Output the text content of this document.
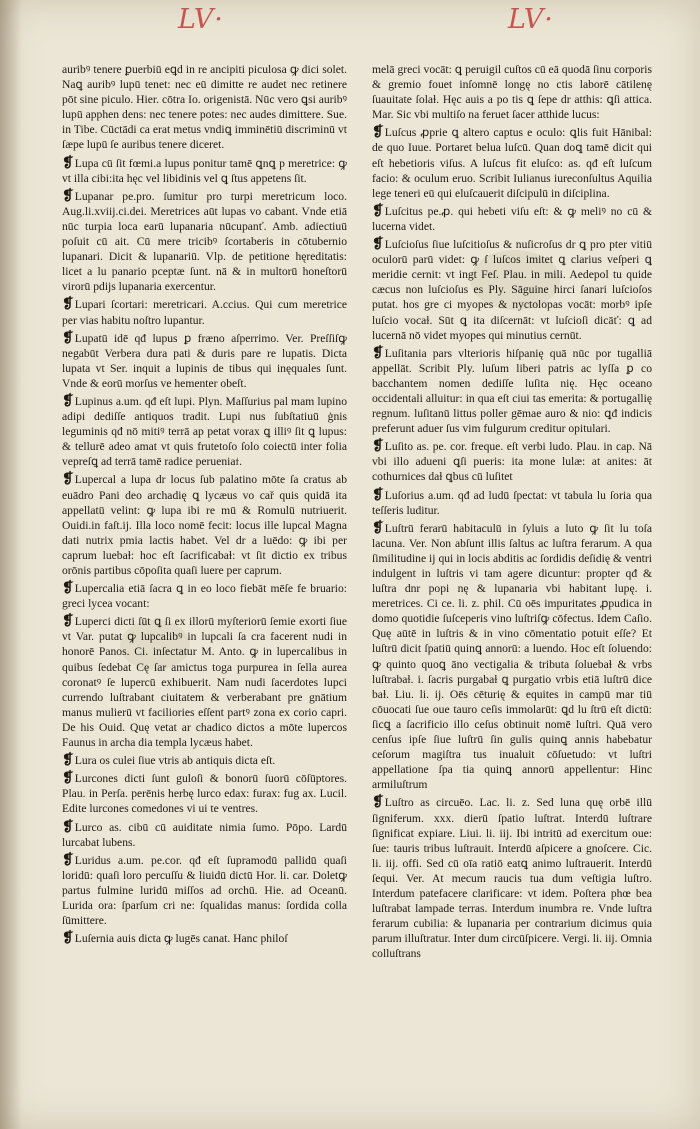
LV·	LV·

auribꝰ tenere ꝑuerbiū eꝗd in re ancipiti piculosa ꝙ dici solet. Naꝗ auribꝰ lupū tenet: nec eū dimitte re audet nec retinere pōt sine piculo. Hier. cōtra Io. origenistā. Nūc vero ꝗsi auribꝰ lupū apphen dens: nec tenere potes: nec audes dimittere. Sue. in Tibe. Cūctādi ca erat metus vndiꝗ imminētiū discriminū vt ſæpe lupū ſe auribus tenere diceret.

❡Lupa cū ſit fœmi.a lupus ponitur tamē ꝗnꝗ p meretrice: ꝙ vt illa cibi:ita hęc vel libidinis vel ꝗ ſtus appetens ſit.

❡Lupanar pe.pro. ſumitur pro turpi meretricum loco. Aug.li.xviij.ci.dei. Meretrices aūt lupas vo cabant. Vnde etiā nūc turpia loca earū lupanaria nūcupanť. Amb. adiectiuū poſuit cū ait. Cū mere tricibꝰ ſcortaberis in cōtubernio lupanari. Dicit & lupanariū. Vlp. de petitione hęreditatis: licet a lu panario pceptæ ſunt. nā & in multorū honeſtorū virorū pdijs lupanaria exercentur.

❡Lupari ſcortari: meretricari. A.ccius. Qui cum meretrice per vias habitu noſtro lupantur.

❡Lupatū idē qđ lupus ꝑ fræno aſperrimo. Ver. Preſſiſꝙ negabūt Verbera dura pati & duris pare re lupatis. Dicta lupata vt Ser. inquit a lupinis de tibus qui inęquales ſunt. Vnde & eorū morſus ve hementer obeſt.

❡Lupinus a.um. qđ eſt lupi. Plyn. Maſſurius pal mam lupino adipi dediſſe antiquos tradit. Lupi nus ſubſtatiuū ġnis leguminis qđ nō mitiꝰ terrā ap petat vorax ꝗ illiꝰ ſit ꝗ lupus: & tellurē adeo amat vt quis frutetoſo ſolo coiectū inter folia vepreſꝗ ad terrā tamē radice peruenia𝔱.

❡Lupercal a lupa dr locus ſub palatino mōte ſa cratus ab euādro Pani deo archadię ꝗ lycæus vo cař quis quidā ita appellatū velint: ꝙ lupa ibi re mū & Romulū nutriuerit. Ouidi.in faſt.ij. Illa loco nomē fecit: locus ille lupcal Magna dati nutrix pmia lactis habet. Vel dr a luēdo: ꝙ ibi per caprum luebaɫ: hoc eſt ſacrificabaɫ: vt ſit dictio ex tribus orōnis partibus cōpoſita quaſi luere per caprum.

❡Lupercalia etiā ſacra ꝗ in eo loco fiebāt mēſe fe bruario: greci lycea vocant:

❡Luperci dicti ſūt ꝗ ſi ex illorū myſteriorū ſemie exorti ſiue vt Var. putat ꝙ lupcalibꝰ in lupcali ſa cra facerent nudi in honorē Panos. Ci. inſectatur M. Anto. ꝙ in lupercalibus in quibus ſedebat Cę ſar amictus toga purpurea in ſella aurea coronatꝰ ſe lupercū exhibuerit. Nam nudi ſacerdotes lupci currendo luſtrabant ciuitatem & verberabant pre gnātium manus mulierū vt faciliories eſſent partꝰ zona ex corio capri. De his Ouid. Quę vetat ar chadico dictos a mōte lupercos Faunus in archa dia templa lycæus habet.

❡Lura os culei ſiue vtris ab antiquis dicta eſt.

❡Lurcones dicti ſunt guloſi & bonorū ſuorū cōſūptores. Plau. in Perſa. perēnis herbę lurco edax: furax: fug ax. Lucil. Edite lurcones comedones vi ui te ventres.

❡Lurco as. cibū cū auiditate nimia ſumo. Pōpo. Lardū lurcabat lubens.

❡Luridus a.um. pe.cor. qđ eſt ſupramodū pallidū quaſi loridū: quaſi loro percuſſu & liuidū dictū Hor. li. car. Doletꝙ partus fulmine luridū miſſos ad orchū. Hie. ad Oceanū. Lurida ora: ſparſum cri ne: ſqualidas manus: ſordida colla ſūmittere.

❡Luſernia auis dicta ꝙ lugēs canat. Hanc philoſ

melā greci vocāt: ꝗ peruigil cuſtos cū eā quodā ſinu corporis & gremio fouet inſomnē longę no ctis laborē cātilenę ſuauitate ſolaɫ. Hęc auis a po tis ꝗ ſepe dr atthis: ꝗſi attica. Mar. Sic vbi multiſo na feruet ſacer atthide lucus:

❡Luſcus ꝓprie ꝗ altero captus e oculo: ꝗlis fuit Hānibal: de quo Iuue. Portaret belua luſcū. Quan doꝗ tamē dicit qui eſt hebetioris viſus. A luſcus fit eluſco: as. qđ eſt luſcum facio: & oculum eruo. Scribit Iulianus iureconſultus Aquilia lege teneri eū qui eluſcauerit diſcipulū in diſciplina.

❡Luſcitus pe.ꝓ. qui hebeti viſu eſt: & ꝙ meliꝰ no cū & lucerna videt.

❡Luſcioſus ſiue luſcitioſus & nuſicroſus dr ꝗ pro pter vitiū oculorū parū videt: ꝙ ſ luſcos imitet ꝗ clarius veſperi ꝗ meridie cernit: vt ingt Feſ. Plau. in mili. Aedepol tu quide cæcus non luſcioſus es Ply. Sāguine hirci ſanari luſcioſos putat. hos gre ci myopes & nyctolopas vocāt: morbꝰ ipſe luſcio vocaɫ. Sūt ꝗ ita diſcernāt: vt luſcioſi dicāť: ꝗ ad lucernā nō videt myopes qui minutius cernūt.

❡Luſitania pars vlterioris hiſpanię quā nūc por tugalliā appellāt. Scribit Ply. luſum liberi patris ac lyſſa ꝑ co bacchantem nomen dediſſe luſita nię. Hęc oceano occidentali alluitur: in qua eſt ciui tas emerita: & portugallię regnum. luſitanū littus poller gēmae auro & nio: ꝗđ indicis preferunt aduer ſus vim fulgurum creditur opitulari.

❡Luſito as. pe. cor. freque. eſt verbi ludo. Plau. in cap. Nā vbi illo adueni ꝗſi pueris: ita mone lulæ: at anites: āt cothurnices daɫ ꝗbus cū luſitet

❡Luſorius a.um. qđ ad ludū ſpectat: vt tabula lu ſoria qua teſſeris luditur.

❡Luſtrū ferarū habitaculū in ſyluis a luto ꝙ ſit lu toſa lacuna. Ver. Non abſunt illis ſaltus ac luſtra ferarum. A qua ſimilitudine ij qui in locis abditis ac ſordidis deſidię & ventri indulgent in luſtris vi tam agere dicuntur: propter qđ & luſtra dnr popi nę & lupanaria vbi habitant lupę. i. meretrices. Ci ce. li. z. phil. Cū oēs impuritates ꝓpudica in domo quotidie ſuſceperis vino luſtriſꝙ cōfectus. Idem Caſio. Quę aūtē in luſtris & in vino cōmentatio potuit eſſe? Et luſtrū dicit ſpatiū quinꝗ annorū: a luendo. Hoc eſt ſoluendo: ꝙ quinto quoꝗ āno vectigalia & tributa ſoluebaɫ & vrbs luſtrabaɫ. i. ſacris purgabaɫ ꝗ purgatio vrbis etiā luſtrū dice baɫ. Liu. li. ij. Oēs cēturię & equites in campū mar tiū cōuocati ſue oue tauro ceſis immolarūt: ꝗd lu ſtrū eſt dictū: ſicꝗ a ſacrificio illo ceſus obtinuit nomē luſtri. Quā vero cenſus ipſe ſiue luſtrū ſin gulis quinꝗ annis habebatur ceſorum magiſtra tus inualuit cōſuetudo: vt luſtri appellatione ſpa tia quinꝗ annorū appellentur: Hinc armiluſtrum

❡Luſtro as circuēo. Lac. li. z. Sed luna quę orbē illū ſigniferum. xxx. dierū ſpatio luſtrat. Interdū luſtrare ſignificat expiare. Liui. li. iij. Ibi intritū ad exercitum oue: ſue: tauris tribus luſtrauit. Interdū aſpicere a gnoſcere. Cic. li. iij. offi. Sed cū oīa ratiō eatꝗ animo luſtrauerit. Interdū ſequi. Ver. At mecum raucis tua dum veſtigia luſtro. Interdum patefacere clarificare: vt idem. Poſtera phœ bea luſtrabat lampade terras. Interdum inumbra re. Vnde luſtra ferarum cubilia: & lupanaria per contrarium dicimus quia parum illuſtratur. Inter dum circūſpicere. Vergi. li. iij. Omnia colluſtrans
